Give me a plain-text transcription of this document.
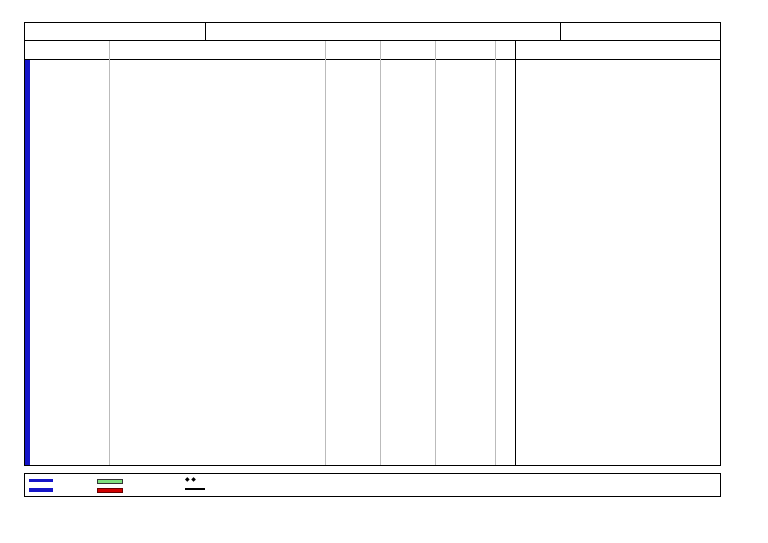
◆ ◆
